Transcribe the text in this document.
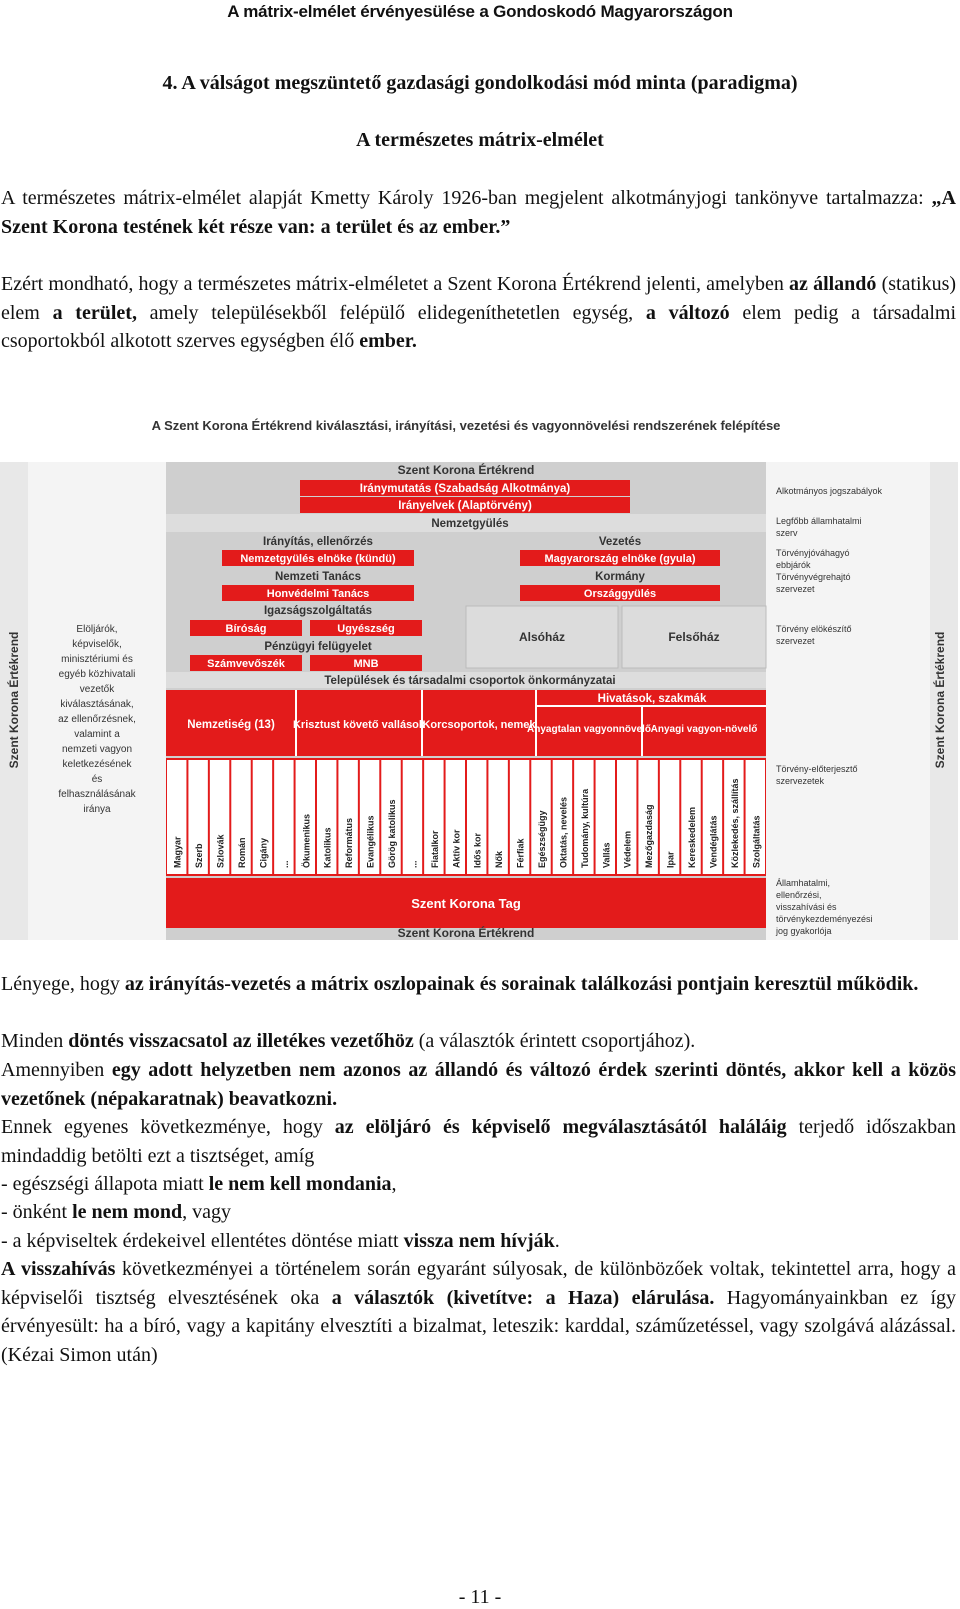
A mátrix-elmélet érvényesülése a Gondoskodó Magyarországon
4. A válságot megszüntető gazdasági gondolkodási mód minta (paradigma)
A természetes mátrix-elmélet
A természetes mátrix-elmélet alapját Kmetty Károly 1926-ban megjelent alkotmányjogi tankönyve tartalmazza: „A Szent Korona testének két része van: a terület és az ember.”
Ezért mondható, hogy a természetes mátrix-elméletet a Szent Korona Értékrend jelenti, amelyben az állandó (statikus) elem a terület, amely településekből felépülő elidegeníthetetlen egység, a változó elem pedig a társadalmi csoportokból alkotott szerves egységben élő ember.
A Szent Korona Értékrend kiválasztási, irányítási, vezetési és vagyonnövelési rendszerének felépítése
Szent Korona Értékrend
Iránymutatás (Szabadság Alkotmánya)
Irányelvek (Alaptörvény)
Nemzetgyülés
Irányítás, ellenőrzés	Vezetés
Nemzetgyülés elnöke (kündü)	Magyarország elnöke (gyula)
Nemzeti Tanács	Kormány
Honvédelmi Tanács	Országgyülés
Igazságszolgáltatás
Bíróság	Ugyészség
Alsóház	Felsőház
Pénzügyi felügyelet
Számvevőszék	MNB
Települések és társadalmi csoportok önkormányzatai
Hivatások, szakmák
Nemzetiség (13) Krisztust követő vallások
Korcsoportok, nemek
Anyagtalan vagyonnövelő Anyagi vagyon-növelő
Magyar Szerb Szlovák Román Cigány ... Ökumenikus Katolikus Református Evangélikus Görög katolikus ... Fiatalkor Aktív kor Idős kor Nők Férfiak Egészségügy Oktatás, nevelés Tudomány, kultúra Vallás Védelem Mezőgazdaság Ipar Kereskedelem Vendéglátás Közlekedés, szállítás Szolgáltatás
Szent Korona Tag
Szent Korona Értékrend
Szent Korona Értékrend	Szent Korona Értékrend
Elöljárók,
képviselők,
minisztériumi és
egyéb közhivatali
vezetők
kiválasztásának,
az ellenőrzésnek,
valamint a
nemzeti vagyon
keletkezésének
és
felhasználásának
iránya
Alkotmányos jogszabályok
Legfőbb államhatalmi
szerv
Törvényjóváhagyó
ebbjárók
Törvényvégrehajtó
szervezet
Törvény elökészítő
szervezet
Törvény-előterjesztő
szervezetek
Államhatalmi,
ellenőrzési,
visszahívási és
törvénykezdeményezési
jog gyakorlója
Lényege, hogy az irányítás-vezetés a mátrix oszlopainak és sorainak találkozási pontjain keresztül működik.
Minden döntés visszacsatol az illetékes vezetőhöz (a választók érintett csoportjához).
Amennyiben egy adott helyzetben nem azonos az állandó és változó érdek szerinti döntés, akkor kell a közös vezetőnek (népakaratnak) beavatkozni.
Ennek egyenes következménye, hogy az elöljáró és képviselő megválasztásától haláláig terjedő időszakban mindaddig betölti ezt a tisztséget, amíg
- egészségi állapota miatt le nem kell mondania,
- önként le nem mond, vagy
- a képviseltek érdekeivel ellentétes döntése miatt vissza nem hívják.
A visszahívás következményei a történelem során egyaránt súlyosak, de különbözőek voltak, tekintettel arra, hogy a képviselői tisztség elvesztésének oka a választók (kivetítve: a Haza) elárulása. Hagyományainkban ez így érvényesült: ha a bíró, vagy a kapitány elvesztíti a bizalmat, leteszik: karddal, száműzetéssel, vagy szolgává alázással. (Kézai Simon után)
- 11 -
